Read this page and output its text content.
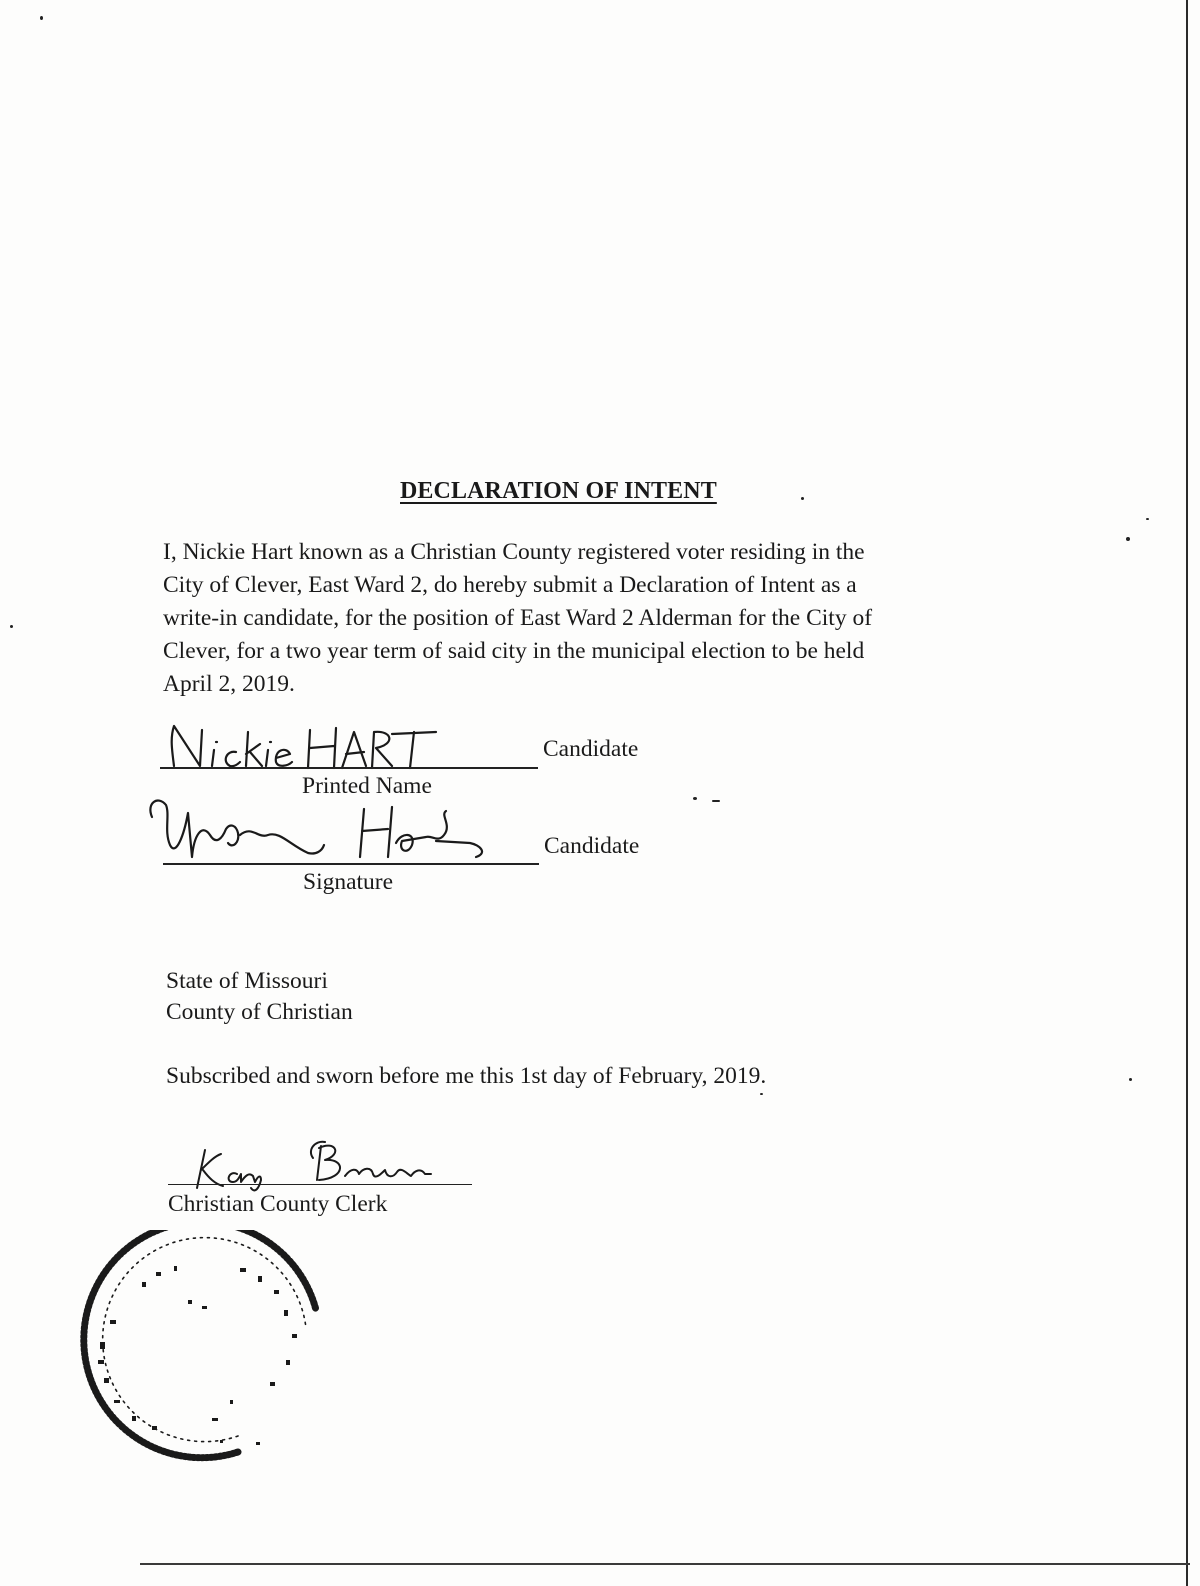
DECLARATION OF INTENT
I, Nickie Hart known as a Christian County registered voter residing in the
City of Clever, East Ward 2, do hereby submit a Declaration of Intent as a
write-in candidate, for the position of East Ward 2 Alderman for the City of
Clever, for a two year term of said city in the municipal election to be held
April 2, 2019.
Candidate
Printed Name
Candidate
Signature
State of Missouri
County of Christian
Subscribed and sworn before me this 1st day of February, 2019.
Christian County Clerk
